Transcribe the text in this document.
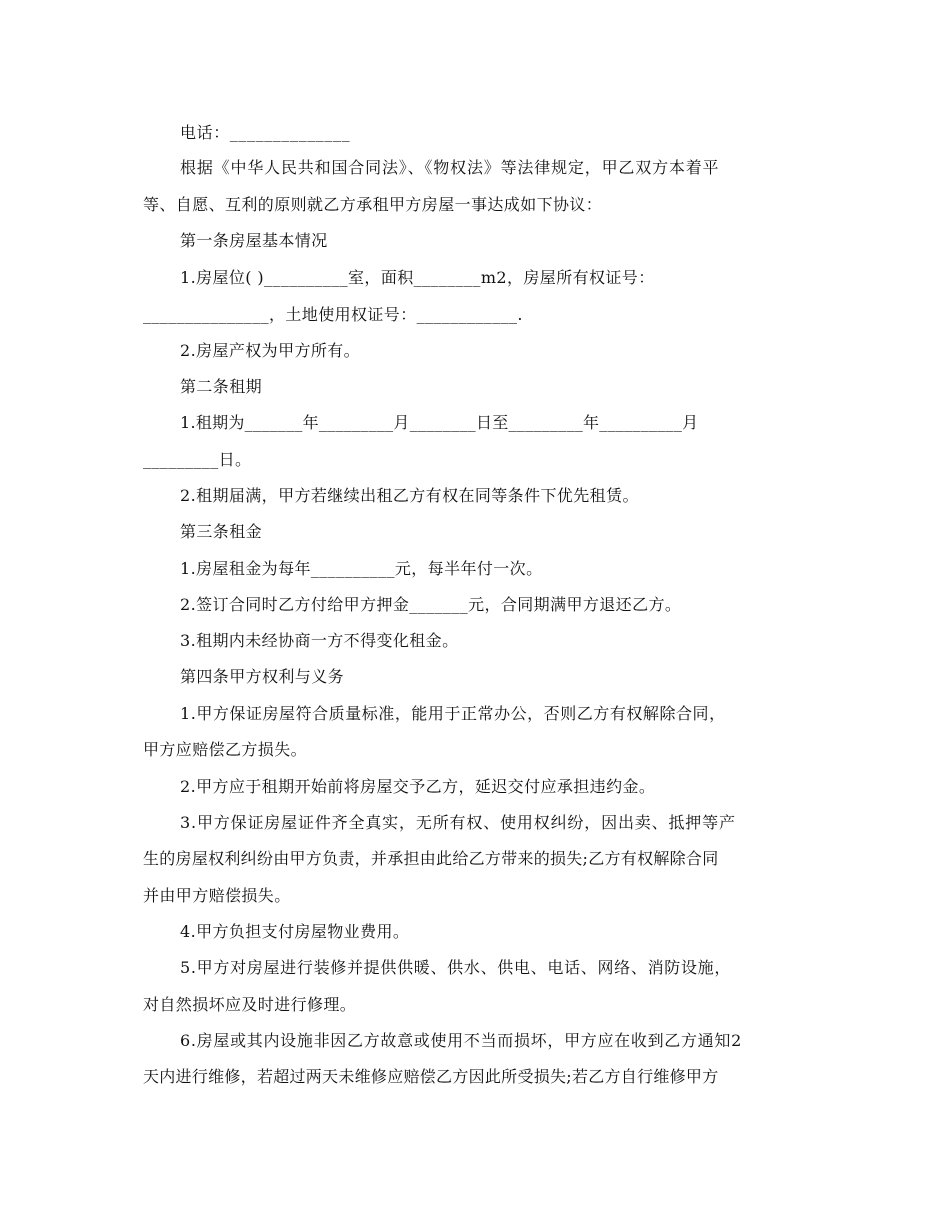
电话：______________
根据《中华人民共和国合同法》、《物权法》等法律规定，甲乙双方本着平
等、自愿、互利的原则就乙方承租甲方房屋一事达成如下协议：
第一条房屋基本情况
1.房屋位( )__________室，面积________m2，房屋所有权证号：
_______________，土地使用权证号：____________.
2.房屋产权为甲方所有。
第二条租期
1.租期为_______年_________月________日至_________年__________月
_________日。
2.租期届满，甲方若继续出租乙方有权在同等条件下优先租赁。
第三条租金
1.房屋租金为每年__________元，每半年付一次。
2.签订合同时乙方付给甲方押金_______元，合同期满甲方退还乙方。
3.租期内未经协商一方不得变化租金。
第四条甲方权利与义务
1.甲方保证房屋符合质量标准，能用于正常办公，否则乙方有权解除合同，
甲方应赔偿乙方损失。
2.甲方应于租期开始前将房屋交予乙方，延迟交付应承担违约金。
3.甲方保证房屋证件齐全真实，无所有权、使用权纠纷，因出卖、抵押等产
生的房屋权利纠纷由甲方负责，并承担由此给乙方带来的损失;乙方有权解除合同
并由甲方赔偿损失。
4.甲方负担支付房屋物业费用。
5.甲方对房屋进行装修并提供供暖、供水、供电、电话、网络、消防设施，
对自然损坏应及时进行修理。
6.房屋或其内设施非因乙方故意或使用不当而损坏，甲方应在收到乙方通知2
天内进行维修，若超过两天未维修应赔偿乙方因此所受损失;若乙方自行维修甲方
